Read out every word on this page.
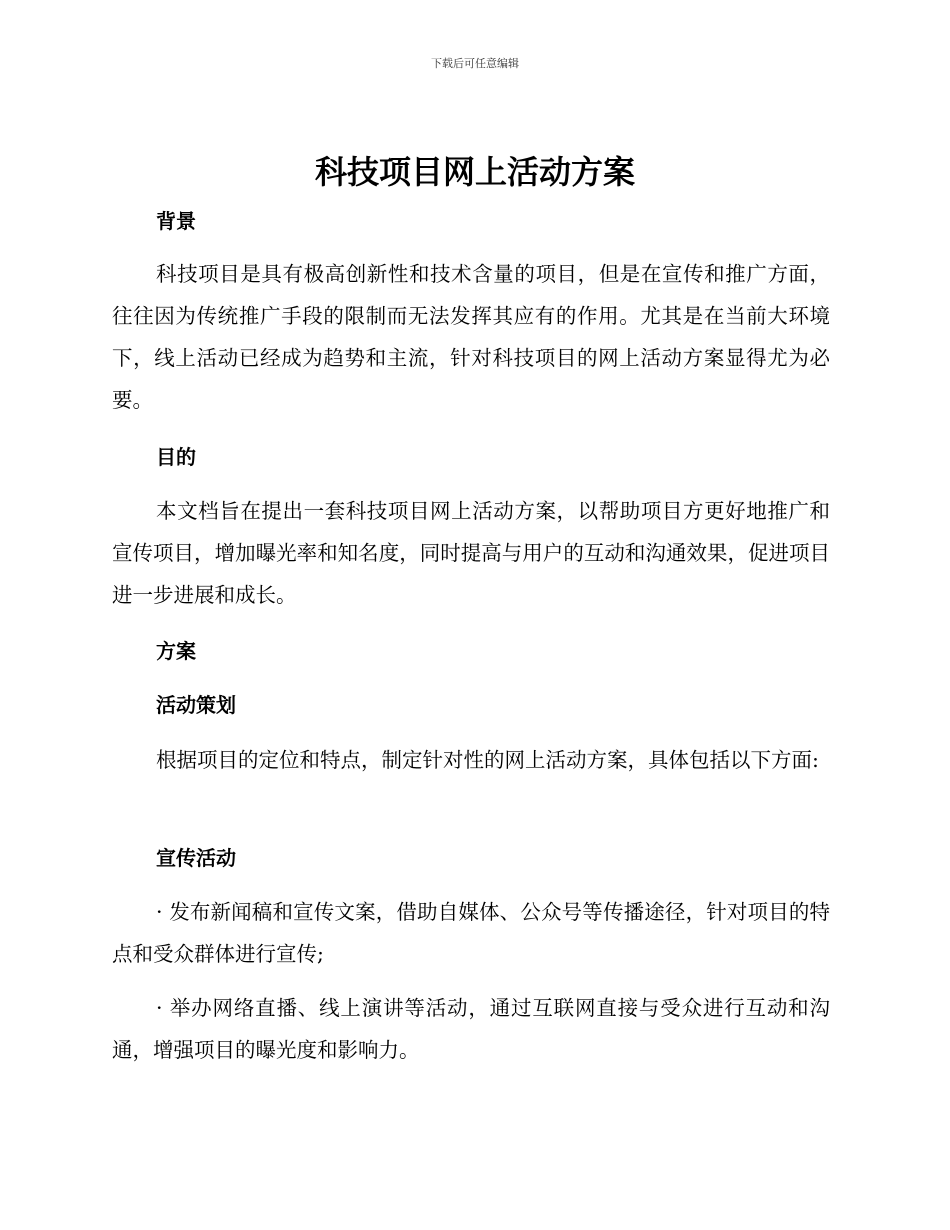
下载后可任意编辑
科技项目网上活动方案
背景

科技项目是具有极高创新性和技术含量的项目，但是在宣传和推广方面，往往因为传统推广手段的限制而无法发挥其应有的作用。尤其是在当前大环境下，线上活动已经成为趋势和主流，针对科技项目的网上活动方案显得尤为必要。

目的

本文档旨在提出一套科技项目网上活动方案，以帮助项目方更好地推广和宣传项目，增加曝光率和知名度，同时提高与用户的互动和沟通效果，促进项目进一步进展和成长。

方案
活动策划

根据项目的定位和特点，制定针对性的网上活动方案，具体包括以下方面:

宣传活动

· 发布新闻稿和宣传文案，借助自媒体、公众号等传播途径，针对项目的特点和受众群体进行宣传;

· 举办网络直播、线上演讲等活动，通过互联网直接与受众进行互动和沟通，增强项目的曝光度和影响力。
